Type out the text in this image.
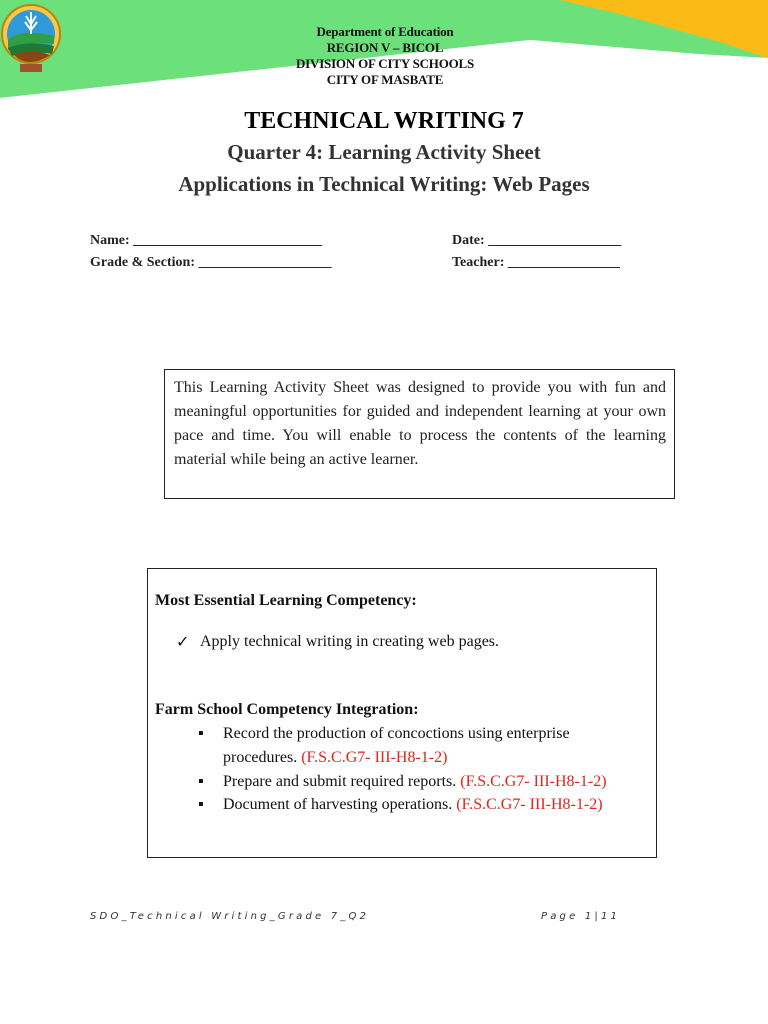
Department of Education
REGION V – BICOL
DIVISION OF CITY SCHOOLS
CITY OF MASBATE
TECHNICAL WRITING 7
Quarter 4: Learning Activity Sheet
Applications in Technical Writing: Web Pages
Name: ___________________________	Date: ___________________
Grade & Section: ___________________	Teacher: ________________

This Learning Activity Sheet was designed to provide you with fun and meaningful opportunities for guided and independent learning at your own pace and time. You will enable to process the contents of the learning material while being an active learner.

Most Essential Learning Competency:
✓ Apply technical writing in creating web pages.
Farm School Competency Integration:
▪ Record the production of concoctions using enterprise
procedures. (F.S.C.G7- III-H8-1-2)
▪ Prepare and submit required reports. (F.S.C.G7- III-H8-1-2)
▪ Document of harvesting operations. (F.S.C.G7- III-H8-1-2)
SDO_Technical Writing_Grade 7_Q2	Page 1|11
